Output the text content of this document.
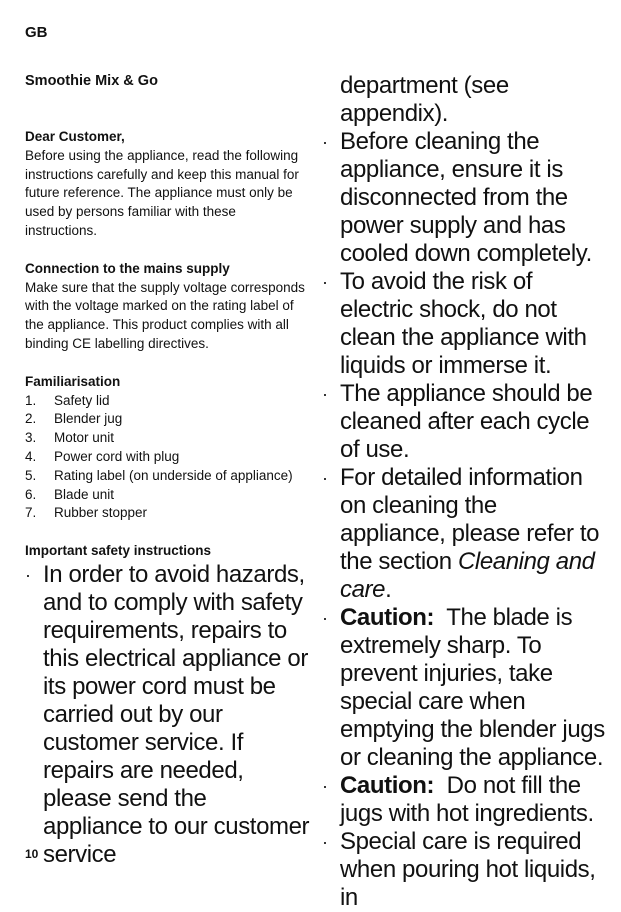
GB

Smoothie Mix & Go

Dear Customer,

Before using the appliance, read the following instructions carefully and keep this manual for future reference. The appliance must only be used by persons familiar with these instructions.

Connection to the mains supply

Make sure that the supply voltage corresponds with the voltage marked on the rating label of the appliance. This product complies with all binding CE labelling directives.

Familiarisation

1.	Safety lid
2.	Blender jug
3.	Motor unit
4.	Power cord with plug
5.	Rating label (on underside of appliance)
6.	Blade unit
7.	Rubber stopper

Important safety instructions

· In order to avoid hazards, and to comply with safety requirements, repairs to this electrical appliance or its power cord must be carried out by our customer service. If repairs are needed, please send the appliance to our customer service
department (see appendix).
· Before cleaning the appliance, ensure it is disconnected from the power supply and has cooled down completely.
· To avoid the risk of electric shock, do not clean the appliance with liquids or immerse it.
· The appliance should be cleaned after each cycle of use.
· For detailed information on cleaning the appliance, please refer to the section Cleaning and care.
· Caution: The blade is extremely sharp. To prevent injuries, take special care when emptying the blender jugs or cleaning the appliance.
· Caution: Do not fill the jugs with hot ingredients.
· Special care is required when pouring hot liquids, in
10
